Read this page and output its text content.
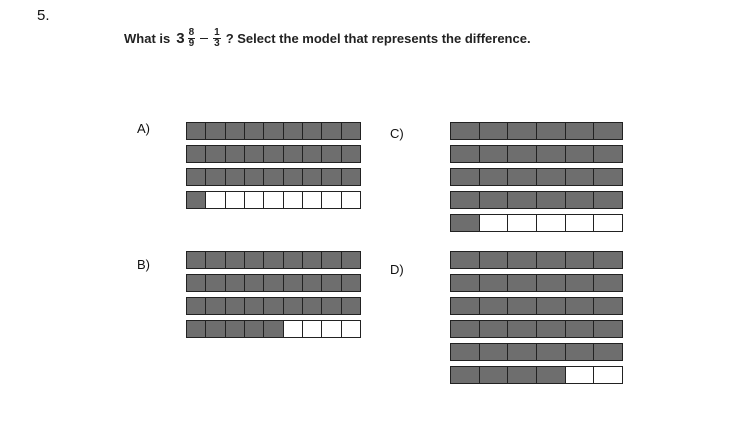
5.
What is $3 \frac{8}{9} \frac{1}{3}$ ? Select the model that represents the difference.
A)
B)
C)
D)
